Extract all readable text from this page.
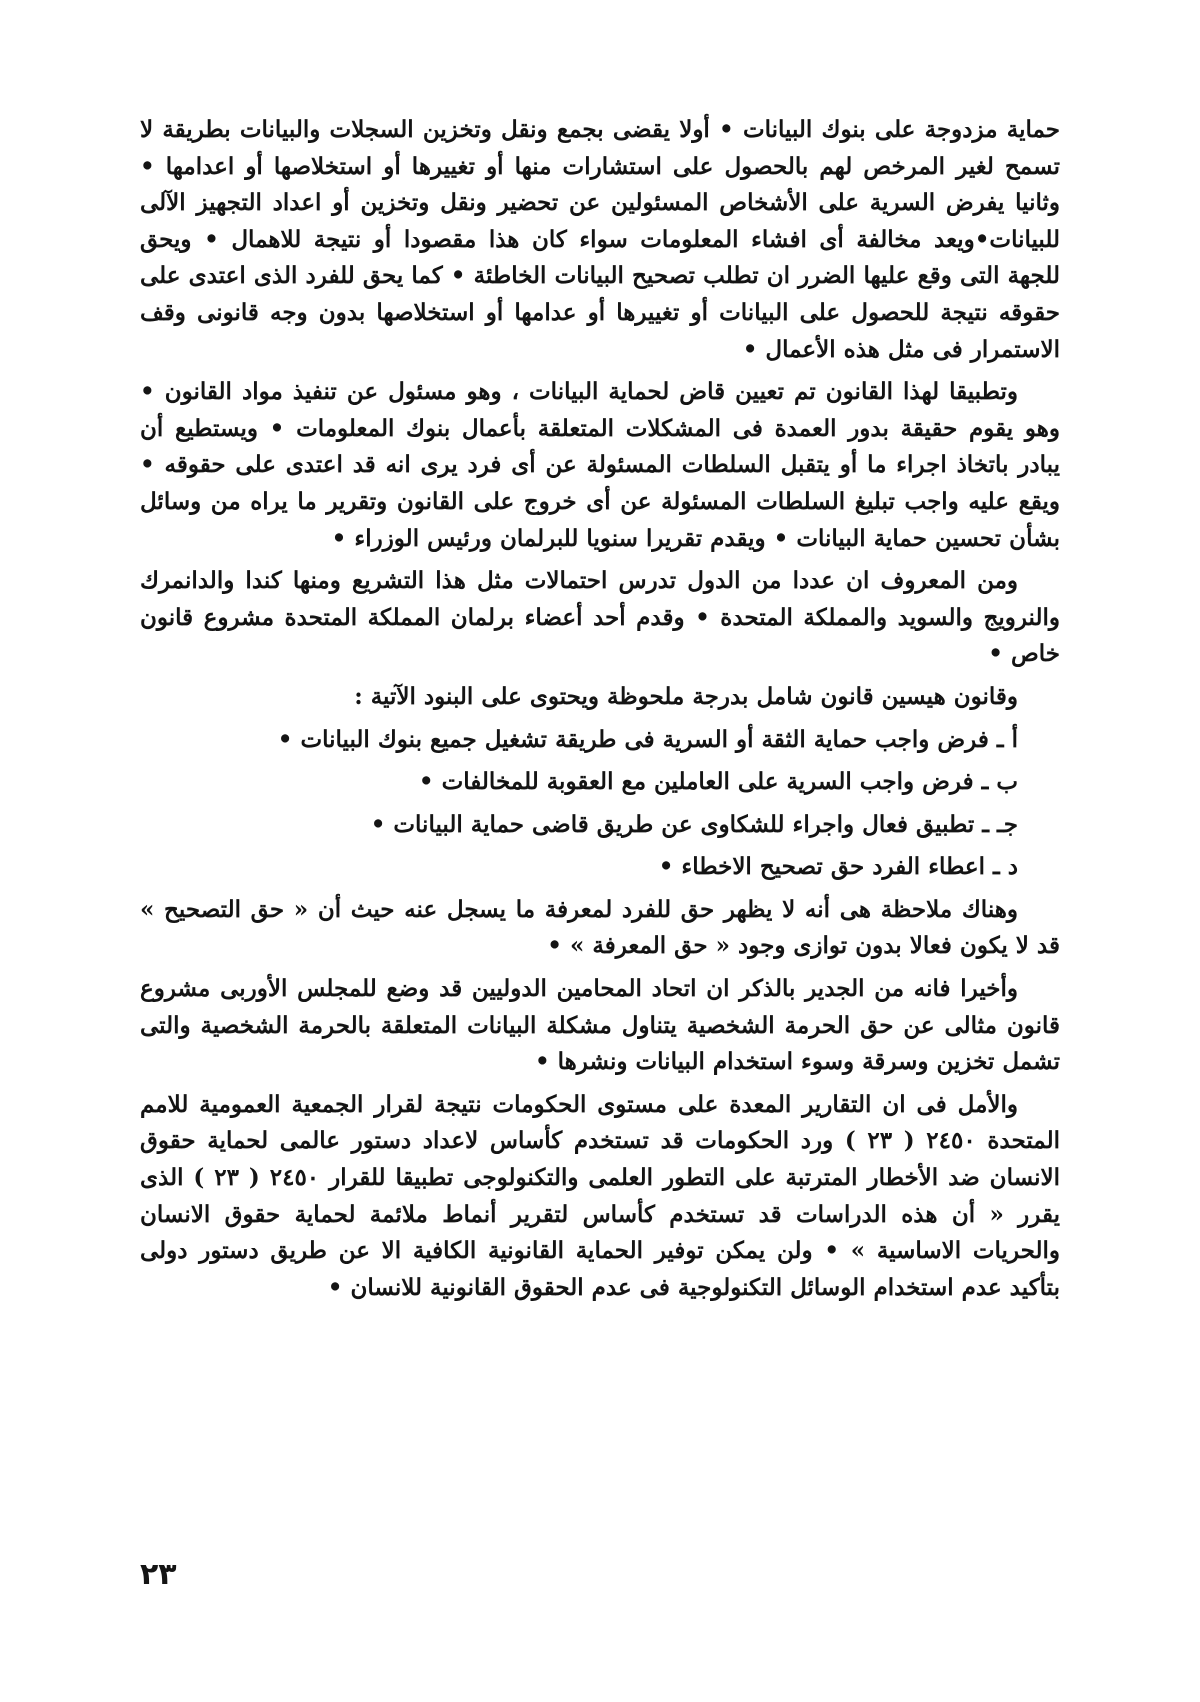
حماية مزدوجة على بنوك البيانات • أولا يقضى بجمع ونقل وتخزين السجلات والبيانات بطريقة لا تسمح لغير المرخص لهم بالحصول على استشارات منها أو تغييرها أو استخلاصها أو اعدامها • وثانيا يفرض السرية على الأشخاص المسئولين عن تحضير ونقل وتخزين أو اعداد التجهيز الآلى للبيانات•ويعد مخالفة أى افشاء المعلومات سواء كان هذا مقصودا أو نتيجة للاهمال • ويحق للجهة التى وقع عليها الضرر ان تطلب تصحيح البيانات الخاطئة • كما يحق للفرد الذى اعتدى على حقوقه نتيجة للحصول على البيانات أو تغييرها أو عدامها أو استخلاصها بدون وجه قانونى وقف الاستمرار فى مثل هذه الأعمال •

وتطبيقا لهذا القانون تم تعيين قاض لحماية البيانات ، وهو مسئول عن تنفيذ مواد القانون • وهو يقوم حقيقة بدور العمدة فى المشكلات المتعلقة بأعمال بنوك المعلومات • ويستطيع أن يبادر باتخاذ اجراء ما أو يتقبل السلطات المسئولة عن أى فرد يرى انه قد اعتدى على حقوقه • ويقع عليه واجب تبليغ السلطات المسئولة عن أى خروج على القانون وتقرير ما يراه من وسائل بشأن تحسين حماية البيانات • ويقدم تقريرا سنويا للبرلمان ورئيس الوزراء •

ومن المعروف ان عددا من الدول تدرس احتمالات مثل هذا التشريع ومنها كندا والدانمرك والنرويج والسويد والمملكة المتحدة • وقدم أحد أعضاء برلمان المملكة المتحدة مشروع قانون خاص •

وقانون هيسين قانون شامل بدرجة ملحوظة ويحتوى على البنود الآتية :

أ ـ فرض واجب حماية الثقة أو السرية فى طريقة تشغيل جميع بنوك البيانات •

ب ـ فرض واجب السرية على العاملين مع العقوبة للمخالفات •

جـ ـ تطبيق فعال واجراء للشكاوى عن طريق قاضى حماية البيانات •

د ـ اعطاء الفرد حق تصحيح الاخطاء •

وهناك ملاحظة هى أنه لا يظهر حق للفرد لمعرفة ما يسجل عنه حيث أن « حق التصحيح » قد لا يكون فعالا بدون توازى وجود « حق المعرفة » •

وأخيرا فانه من الجدير بالذكر ان اتحاد المحامين الدوليين قد وضع للمجلس الأوربى مشروع قانون مثالى عن حق الحرمة الشخصية يتناول مشكلة البيانات المتعلقة بالحرمة الشخصية والتى تشمل تخزين وسرقة وسوء استخدام البيانات ونشرها •

والأمل فى ان التقارير المعدة على مستوى الحكومات نتيجة لقرار الجمعية العمومية للامم المتحدة ٢٤٥٠ ( ٢٣ ) ورد الحكومات قد تستخدم كأساس لاعداد دستور عالمى لحماية حقوق الانسان ضد الأخطار المترتبة على التطور العلمى والتكنولوجى تطبيقا للقرار ٢٤٥٠ ( ٢٣ ) الذى يقرر « أن هذه الدراسات قد تستخدم كأساس لتقرير أنماط ملائمة لحماية حقوق الانسان والحريات الاساسية » • ولن يمكن توفير الحماية القانونية الكافية الا عن طريق دستور دولى بتأكيد عدم استخدام الوسائل التكنولوجية فى عدم الحقوق القانونية للانسان •

٢٣
